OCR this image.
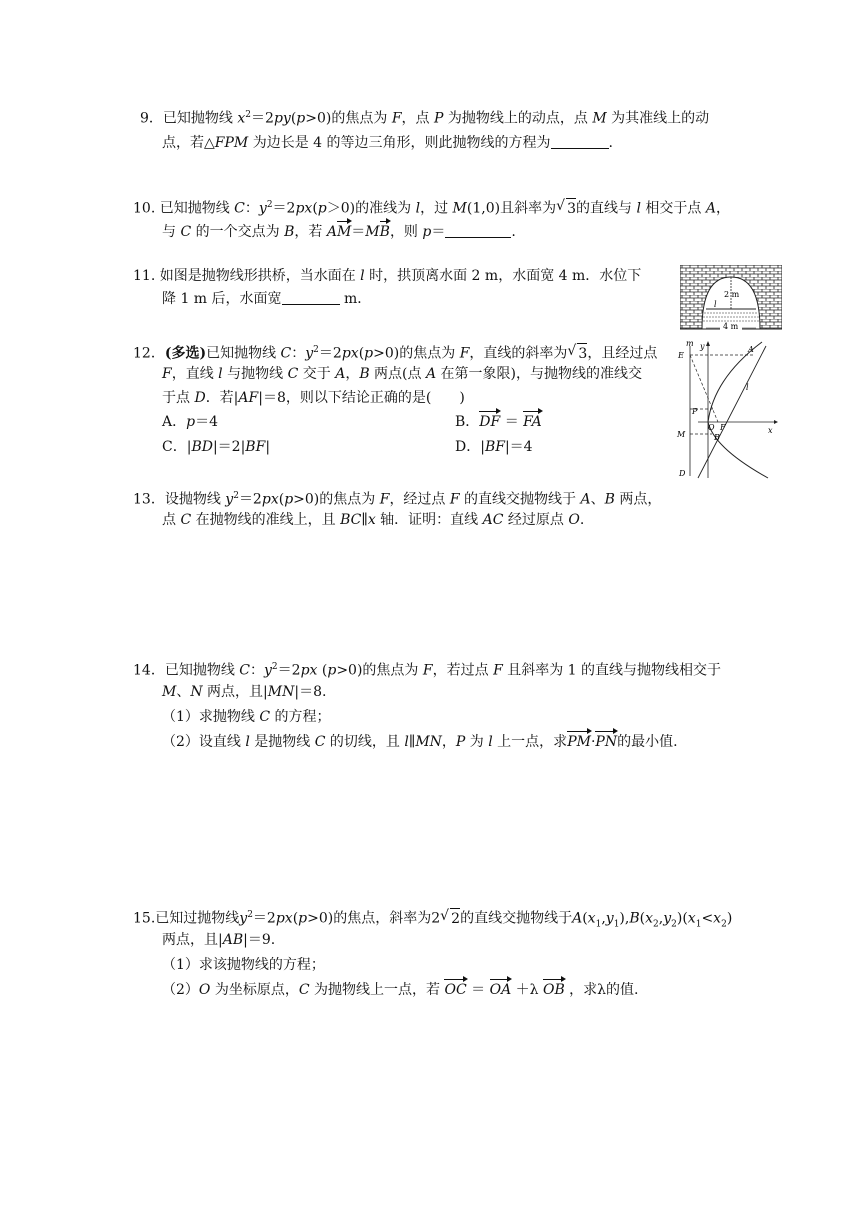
9．已知抛物线 $x^2=2py(p>0)$的焦点为 F，点 P 为抛物线上的动点，点 M 为其准线上的动
点，若△FPM 为边长是 4 的等边三角形，则此抛物线的方程为	.
10. 已知抛物线 C：$y^2=2px(p>0)$的准线为 l，过 M(1,0)且斜率为 √ 3的直线与 l 相交于点 A，
与 C 的一个交点为 B，若 AM＝MB，则 p＝	.
11. 如图是抛物线形拱桥，当水面在 l 时，拱顶离水面 2 m，水面宽 4 m．水位下
降 1 m 后，水面宽	m．	2 m
l
4 m
12．(多选)已知抛物线 C：$y^2=2px(p>0)$的焦点为 F，直线的斜率为 √ 3，且经过点
F，直线 l 与抛物线 C 交于 A，B 两点(点 A 在第一象限)，与抛物线的准线交
于点 D．若|AF|＝8，则以下结论正确的是(　　)
A．p＝4	B．DF ＝ FA
C．|BD|＝2|BF|	D．|BF|＝4
m y
E
A
l
P
O F	x
M	B
D
13．设抛物线 $y^2=2px(p>0)$的焦点为 F，经过点 F 的直线交抛物线于 A、B 两点，
点 C 在抛物线的准线上，且 BC∥x 轴．证明：直线 AC 经过原点 O.
14．已知抛物线 C：$y^2=2px$ (p>0)的焦点为 F，若过点 F 且斜率为 1 的直线与抛物线相交于
M、N 两点，且|MN|＝8.
（1）求抛物线 C 的方程；
（2）设直线 l 是抛物线 C 的切线，且 l∥MN，P 为 l 上一点，求PM·PN的最小值.
15.已知过抛物线$y^2=2px(p>0)$的焦点，斜率为2 √ 2的直线交抛物线于$A(x_1,y_1),B(x_2,y_2)(x_1<x_2)$
两点，且|AB|＝9.
（1）求该抛物线的方程；
（2）O 为坐标原点，C 为抛物线上一点，若 OC ＝ OA ＋λ OB ，求λ的值.
